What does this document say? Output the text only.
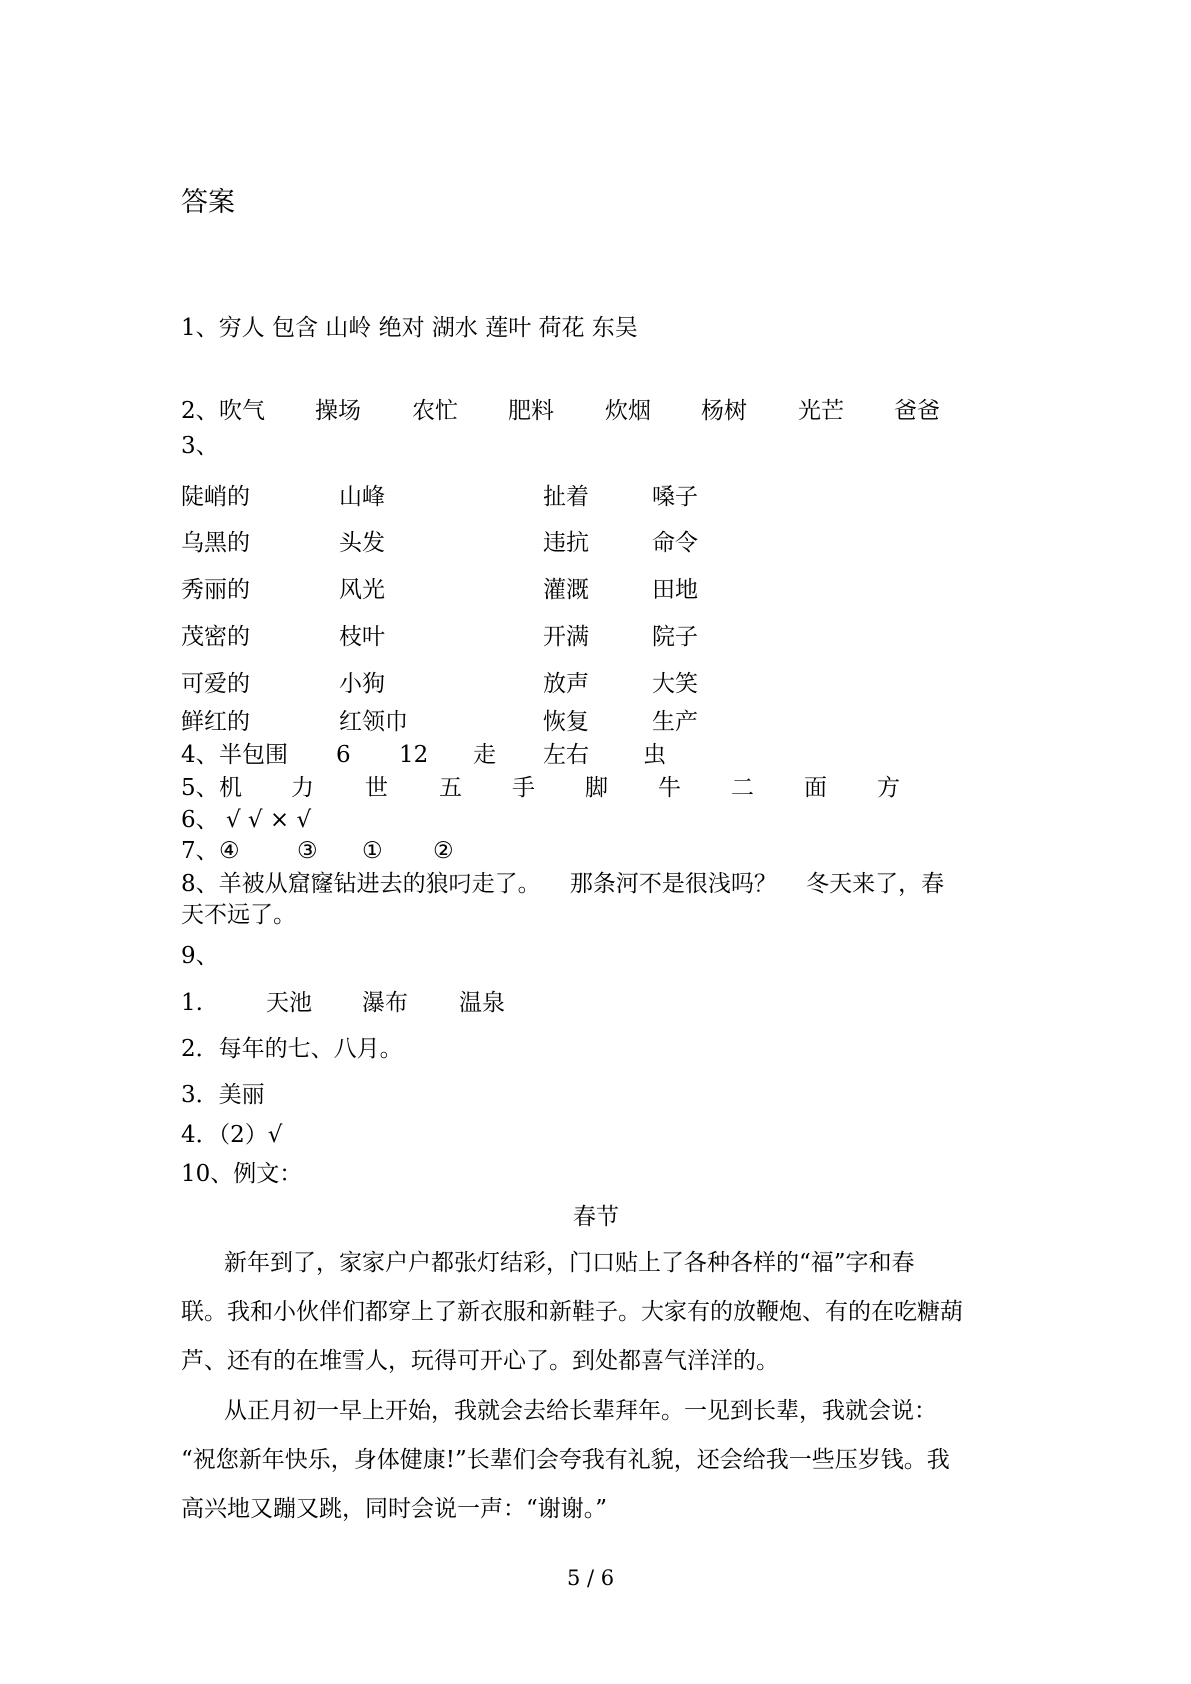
答案
1、穷人 包含 山岭 绝对 湖水 莲叶 荷花 东吴
2、 吹气 操场 农忙 肥料 炊烟 杨树 光芒 爸爸
3、
陡峭的	山峰	扯着	嗓子
乌黑的	头发	违抗	命令
秀丽的	风光	灌溉	田地
茂密的	枝叶	开满	院子
可爱的	小狗	放声	大笑
鲜红的	红领巾	恢复	生产
4、 半包围 6 12 走 左右 虫
5、 机 力 世 五 手 脚 牛 二 面 方
6、 √ √ × √
7、 ④ ③ ① ②
8、羊被从窟窿钻进去的狼叼走了。    那条河不是很浅吗？    冬天来了，春
天不远了。
9、
1.	天池 瀑布 温泉
2．每年的七、八月。
3．美丽
4．（2）√
10、例文：
春节
新年到了，家家户户都张灯结彩，门口贴上了各种各样的“福”字和春
联。我和小伙伴们都穿上了新衣服和新鞋子。大家有的放鞭炮、有的在吃糖葫
芦、还有的在堆雪人，玩得可开心了。到处都喜气洋洋的。
从正月初一早上开始，我就会去给长辈拜年。一见到长辈，我就会说：
“祝您新年快乐，身体健康!”长辈们会夸我有礼貌，还会给我一些压岁钱。我
高兴地又蹦又跳，同时会说一声：“谢谢。”
5 / 6
